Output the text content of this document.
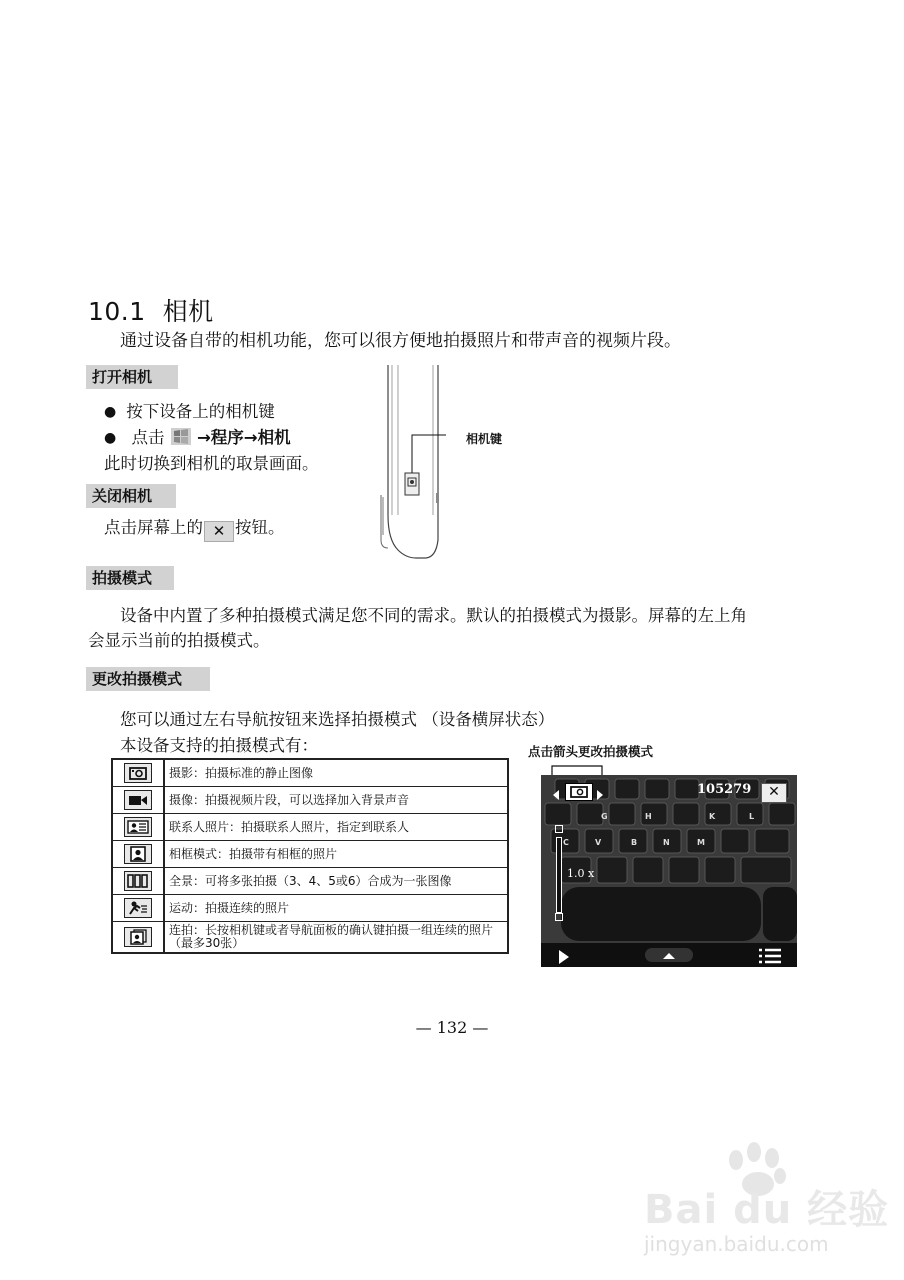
10.1 相机
通过设备自带的相机功能，您可以很方便地拍摄照片和带声音的视频片段。
打开相机
● 按下设备上的相机键
● 点击 →程序→相机
此时切换到相机的取景画面。
相机键
关闭相机
点击屏幕上的 ✕ 按钮。
拍摄模式
设备中内置了多种拍摄模式满足您不同的需求。默认的拍摄模式为摄影。屏幕的左上角
会显示当前的拍摄模式。
更改拍摄模式
您可以通过左右导航按钮来选择拍摄模式 （设备横屏状态）
本设备支持的拍摄模式有：
	摄影：拍摄标准的静止图像
	摄像：拍摄视频片段，可以选择加入背景声音
	联系人照片：拍摄联系人照片，指定到联系人
	相框模式：拍摄带有相框的照片
	全景：可将多张拍摄（3、4、5或6）合成为一张图像
	运动：拍摄连续的照片
	连拍：长按相机键或者导航面板的确认键拍摄一组连续的照片（最多30张）
点击箭头更改拍摄模式
G	H	K	L
C	V	B	N	M
105279	✕
1.0 x
— 132 —
Bai du 经验
jingyan.baidu.com
